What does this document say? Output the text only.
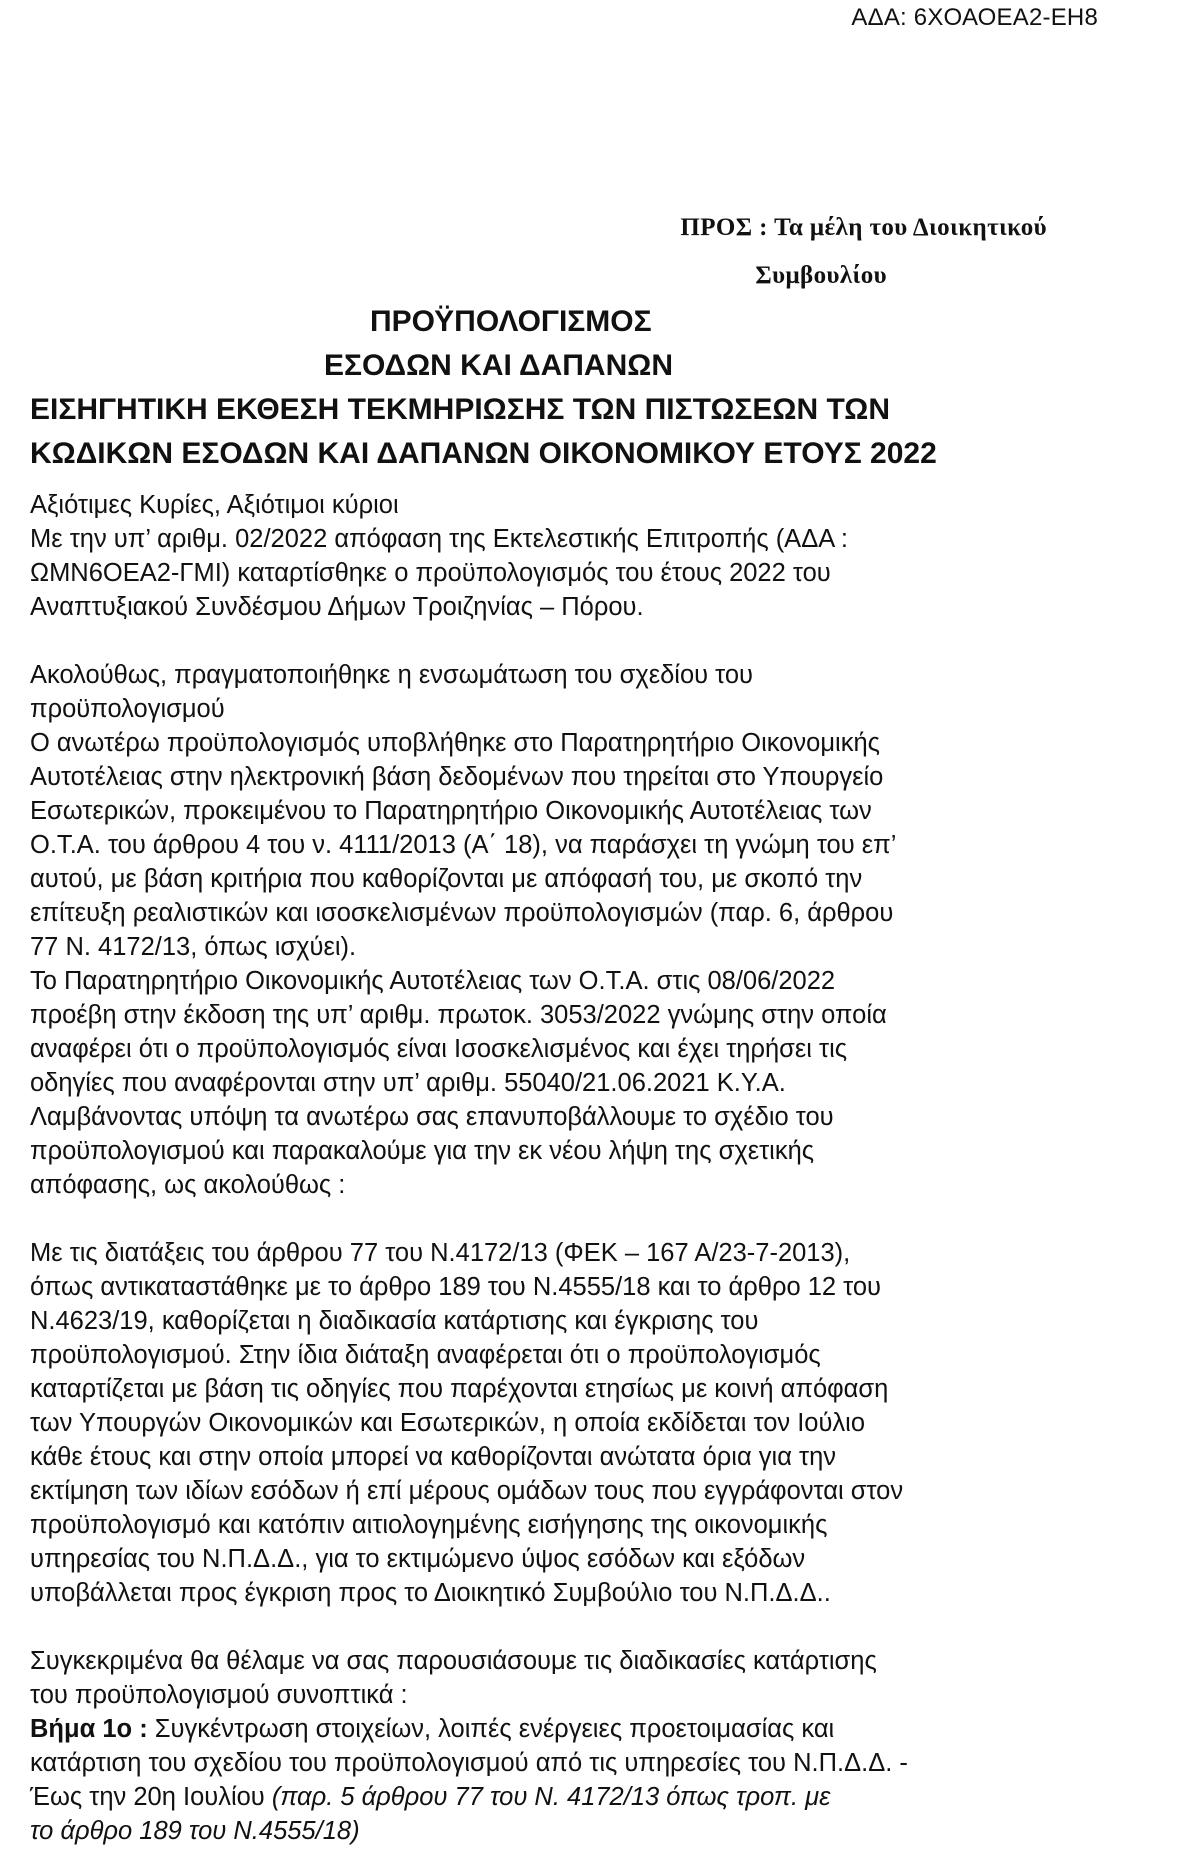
ΑΔΑ: 6ΧΟΑΟΕΑ2-ΕΗ8
ΠΡΟΣ : Τα μέλη του Διοικητικού
Συμβουλίου
ΠΡΟΫΠΟΛΟΓΙΣΜΟΣ
ΕΣΟΔΩΝ ΚΑΙ ΔΑΠΑΝΩΝ
ΕΙΣΗΓΗΤΙΚΗ ΕΚΘΕΣΗ ΤΕΚΜΗΡΙΩΣΗΣ ΤΩΝ ΠΙΣΤΩΣΕΩΝ ΤΩΝ
ΚΩΔΙΚΩΝ ΕΣΟΔΩΝ ΚΑΙ ΔΑΠΑΝΩΝ ΟΙΚΟΝΟΜΙΚΟΥ ΕΤΟΥΣ 2022

Αξιότιμες Κυρίες, Αξιότιμοι κύριοι

Με την υπ’ αριθμ. 02/2022 απόφαση της Εκτελεστικής Επιτροπής (ΑΔΑ :

ΩΜΝ6ΟΕΑ2-ΓΜΙ) καταρτίσθηκε ο προϋπολογισμός του έτους 2022 του

Αναπτυξιακού Συνδέσμου Δήμων Τροιζηνίας – Πόρου.

Ακολούθως, πραγματοποιήθηκε η ενσωμάτωση του σχεδίου του

προϋπολογισμού

Ο ανωτέρω προϋπολογισμός υποβλήθηκε στο Παρατηρητήριο Οικονομικής

Αυτοτέλειας στην ηλεκτρονική βάση δεδομένων που τηρείται στο Υπουργείο

Εσωτερικών, προκειμένου το Παρατηρητήριο Οικονομικής Αυτοτέλειας των

Ο.Τ.Α. του άρθρου 4 του ν. 4111/2013 (Α΄ 18), να παράσχει τη γνώμη του επ’

αυτού, με βάση κριτήρια που καθορίζονται με απόφασή του, με σκοπό την

επίτευξη ρεαλιστικών και ισοσκελισμένων προϋπολογισμών (παρ. 6, άρθρου

77 Ν. 4172/13, όπως ισχύει).

Το Παρατηρητήριο Οικονομικής Αυτοτέλειας των Ο.Τ.Α. στις 08/06/2022

προέβη στην έκδοση της υπ’ αριθμ. πρωτοκ. 3053/2022 γνώμης στην οποία

αναφέρει ότι ο προϋπολογισμός είναι Ισοσκελισμένος και έχει τηρήσει τις

οδηγίες που αναφέρονται στην υπ’ αριθμ. 55040/21.06.2021 Κ.Υ.Α.

Λαμβάνοντας υπόψη τα ανωτέρω σας επανυποβάλλουμε το σχέδιο του

προϋπολογισμού και παρακαλούμε για την εκ νέου λήψη της σχετικής

απόφασης, ως ακολούθως :

Με τις διατάξεις του άρθρου 77 του Ν.4172/13 (ΦΕΚ – 167 Α/23-7-2013),

όπως αντικαταστάθηκε με το άρθρο 189 του Ν.4555/18 και το άρθρο 12 του

Ν.4623/19, καθορίζεται η διαδικασία κατάρτισης και έγκρισης του

προϋπολογισμού. Στην ίδια διάταξη αναφέρεται ότι ο προϋπολογισμός

καταρτίζεται με βάση τις οδηγίες που παρέχονται ετησίως με κοινή απόφαση

των Υπουργών Οικονομικών και Εσωτερικών, η οποία εκδίδεται τον Ιούλιο

κάθε έτους και στην οποία μπορεί να καθορίζονται ανώτατα όρια για την

εκτίμηση των ιδίων εσόδων ή επί μέρους ομάδων τους που εγγράφονται στον

προϋπολογισμό και κατόπιν αιτιολογημένης εισήγησης της οικονομικής

υπηρεσίας του Ν.Π.Δ.Δ., για το εκτιμώμενο ύψος εσόδων και εξόδων

υποβάλλεται προς έγκριση προς το Διοικητικό Συμβούλιο του Ν.Π.Δ.Δ..

Συγκεκριμένα θα θέλαμε να σας παρουσιάσουμε τις διαδικασίες κατάρτισης

του προϋπολογισμού συνοπτικά :

Βήμα 1ο : Συγκέντρωση στοιχείων, λοιπές ενέργειες προετοιμασίας και

κατάρτιση του σχεδίου του προϋπολογισμού από τις υπηρεσίες του Ν.Π.Δ.Δ. -

Έως την 20η Ιουλίου (παρ. 5 άρθρου 77 του Ν. 4172/13 όπως τροπ. με

το άρθρο 189 του Ν.4555/18)
